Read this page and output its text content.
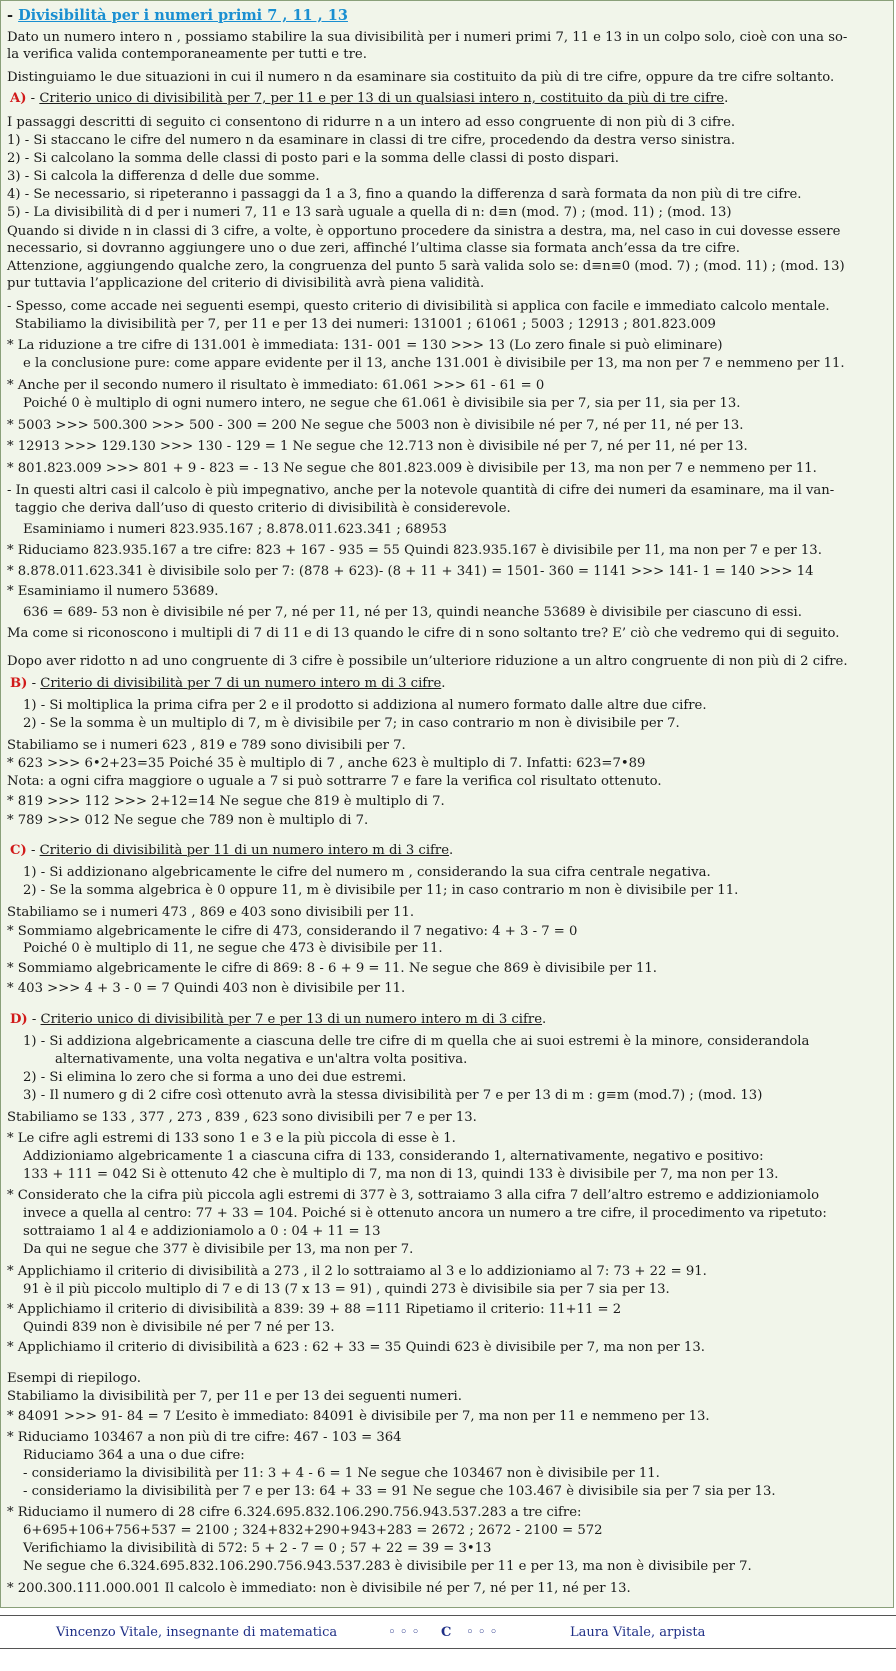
- Divisibilità per i numeri primi 7 , 11 , 13
Dato un numero intero n , possiamo stabilire la sua divisibilità per i numeri primi 7, 11 e 13 in un colpo solo, cioè con una so-
la verifica valida contemporaneamente per tutti e tre.
Distinguiamo le due situazioni in cui il numero n da esaminare sia costituito da più di tre cifre, oppure da tre cifre soltanto.
A) - Criterio unico di divisibilità per 7, per 11 e per 13 di un qualsiasi intero n, costituito da più di tre cifre.
I passaggi descritti di seguito ci consentono di ridurre n a un intero ad esso congruente di non più di 3 cifre.
1) - Si staccano le cifre del numero n da esaminare in classi di tre cifre, procedendo da destra verso sinistra.
2) - Si calcolano la somma delle classi di posto pari e la somma delle classi di posto dispari.
3) - Si calcola la differenza d delle due somme.
4) - Se necessario, si ripeteranno i passaggi da 1 a 3, fino a quando la differenza d sarà formata da non più di tre cifre.
5) - La divisibilità di d per i numeri 7, 11 e 13 sarà uguale a quella di n: d≡n (mod. 7) ; (mod. 11) ; (mod. 13)
Quando si divide n in classi di 3 cifre, a volte, è opportuno procedere da sinistra a destra, ma, nel caso in cui dovesse essere
necessario, si dovranno aggiungere uno o due zeri, affinché l’ultima classe sia formata anch’essa da tre cifre.
Attenzione, aggiungendo qualche zero, la congruenza del punto 5 sarà valida solo se: d≡n≡0 (mod. 7) ; (mod. 11) ; (mod. 13)
pur tuttavia l’applicazione del criterio di divisibilità avrà piena validità.
- Spesso, come accade nei seguenti esempi, questo criterio di divisibilità si applica con facile e immediato calcolo mentale.
Stabiliamo la divisibilità per 7, per 11 e per 13 dei numeri: 131001 ; 61061 ; 5003 ; 12913 ; 801.823.009
* La riduzione a tre cifre di 131.001 è immediata: 131- 001 = 130 >>> 13 (Lo zero finale si può eliminare)
e la conclusione pure: come appare evidente per il 13, anche 131.001 è divisibile per 13, ma non per 7 e nemmeno per 11.
* Anche per il secondo numero il risultato è immediato: 61.061 >>> 61 - 61 = 0
Poiché 0 è multiplo di ogni numero intero, ne segue che 61.061 è divisibile sia per 7, sia per 11, sia per 13.
* 5003 >>> 500.300 >>> 500 - 300 = 200 Ne segue che 5003 non è divisibile né per 7, né per 11, né per 13.
* 12913 >>> 129.130 >>> 130 - 129 = 1 Ne segue che 12.713 non è divisibile né per 7, né per 11, né per 13.
* 801.823.009 >>> 801 + 9 - 823 = - 13 Ne segue che 801.823.009 è divisibile per 13, ma non per 7 e nemmeno per 11.
- In questi altri casi il calcolo è più impegnativo, anche per la notevole quantità di cifre dei numeri da esaminare, ma il van-
taggio che deriva dall’uso di questo criterio di divisibilità è considerevole.
Esaminiamo i numeri 823.935.167 ; 8.878.011.623.341 ; 68953
* Riduciamo 823.935.167 a tre cifre: 823 + 167 - 935 = 55 Quindi 823.935.167 è divisibile per 11, ma non per 7 e per 13.
* 8.878.011.623.341 è divisibile solo per 7: (878 + 623)- (8 + 11 + 341) = 1501- 360 = 1141 >>> 141- 1 = 140 >>> 14
* Esaminiamo il numero 53689.
636 = 689- 53 non è divisibile né per 7, né per 11, né per 13, quindi neanche 53689 è divisibile per ciascuno di essi.
Ma come si riconoscono i multipli di 7 di 11 e di 13 quando le cifre di n sono soltanto tre? E’ ciò che vedremo qui di seguito.
Dopo aver ridotto n ad uno congruente di 3 cifre è possibile un’ulteriore riduzione a un altro congruente di non più di 2 cifre.
B) - Criterio di divisibilità per 7 di un numero intero m di 3 cifre.
1) - Si moltiplica la prima cifra per 2 e il prodotto si addiziona al numero formato dalle altre due cifre.
2) - Se la somma è un multiplo di 7, m è divisibile per 7; in caso contrario m non è divisibile per 7.
Stabiliamo se i numeri 623 , 819 e 789 sono divisibili per 7.
* 623 >>> 6•2+23=35 Poiché 35 è multiplo di 7 , anche 623 è multiplo di 7. Infatti: 623=7•89
Nota: a ogni cifra maggiore o uguale a 7 si può sottrarre 7 e fare la verifica col risultato ottenuto.
* 819 >>> 112 >>> 2+12=14 Ne segue che 819 è multiplo di 7.
* 789 >>> 012 Ne segue che 789 non è multiplo di 7.
C) - Criterio di divisibilità per 11 di un numero intero m di 3 cifre.
1) - Si addizionano algebricamente le cifre del numero m , considerando la sua cifra centrale negativa.
2) - Se la somma algebrica è 0 oppure 11, m è divisibile per 11; in caso contrario m non è divisibile per 11.
Stabiliamo se i numeri 473 , 869 e 403 sono divisibili per 11.
* Sommiamo algebricamente le cifre di 473, considerando il 7 negativo: 4 + 3 - 7 = 0
Poiché 0 è multiplo di 11, ne segue che 473 è divisibile per 11.
* Sommiamo algebricamente le cifre di 869: 8 - 6 + 9 = 11. Ne segue che 869 è divisibile per 11.
* 403 >>> 4 + 3 - 0 = 7 Quindi 403 non è divisibile per 11.
D) - Criterio unico di divisibilità per 7 e per 13 di un numero intero m di 3 cifre.
1) - Si addiziona algebricamente a ciascuna delle tre cifre di m quella che ai suoi estremi è la minore, considerandola
alternativamente, una volta negativa e un'altra volta positiva.
2) - Si elimina lo zero che si forma a uno dei due estremi.
3) - Il numero g di 2 cifre così ottenuto avrà la stessa divisibilità per 7 e per 13 di m : g≡m (mod.7) ; (mod. 13)
Stabiliamo se 133 , 377 , 273 , 839 , 623 sono divisibili per 7 e per 13.
* Le cifre agli estremi di 133 sono 1 e 3 e la più piccola di esse è 1.
Addizioniamo algebricamente 1 a ciascuna cifra di 133, considerando 1, alternativamente, negativo e positivo:
133 + 111 = 042 Si è ottenuto 42 che è multiplo di 7, ma non di 13, quindi 133 è divisibile per 7, ma non per 13.
* Considerato che la cifra più piccola agli estremi di 377 è 3, sottraiamo 3 alla cifra 7 dell’altro estremo e addizioniamolo
invece a quella al centro: 77 + 33 = 104. Poiché si è ottenuto ancora un numero a tre cifre, il procedimento va ripetuto:
sottraiamo 1 al 4 e addizioniamolo a 0 : 04 + 11 = 13
Da qui ne segue che 377 è divisibile per 13, ma non per 7.
* Applichiamo il criterio di divisibilità a 273 , il 2 lo sottraiamo al 3 e lo addizioniamo al 7: 73 + 22 = 91.
91 è il più piccolo multiplo di 7 e di 13 (7 x 13 = 91) , quindi 273 è divisibile sia per 7 sia per 13.
* Applichiamo il criterio di divisibilità a 839: 39 + 88 =111 Ripetiamo il criterio: 11+11 = 2
Quindi 839 non è divisibile né per 7 né per 13.
* Applichiamo il criterio di divisibilità a 623 : 62 + 33 = 35 Quindi 623 è divisibile per 7, ma non per 13.
Esempi di riepilogo.
Stabiliamo la divisibilità per 7, per 11 e per 13 dei seguenti numeri.
* 84091 >>> 91- 84 = 7 L’esito è immediato: 84091 è divisibile per 7, ma non per 11 e nemmeno per 13.
* Riduciamo 103467 a non più di tre cifre: 467 - 103 = 364
Riduciamo 364 a una o due cifre:
- consideriamo la divisibilità per 11: 3 + 4 - 6 = 1 Ne segue che 103467 non è divisibile per 11.
- consideriamo la divisibilità per 7 e per 13: 64 + 33 = 91 Ne segue che 103.467 è divisibile sia per 7 sia per 13.
* Riduciamo il numero di 28 cifre 6.324.695.832.106.290.756.943.537.283 a tre cifre:
6+695+106+756+537 = 2100 ; 324+832+290+943+283 = 2672 ; 2672 - 2100 = 572
Verifichiamo la divisibilità di 572: 5 + 2 - 7 = 0 ; 57 + 22 = 39 = 3•13
Ne segue che 6.324.695.832.106.290.756.943.537.283 è divisibile per 11 e per 13, ma non è divisibile per 7.
* 200.300.111.000.001 Il calcolo è immediato: non è divisibile né per 7, né per 11, né per 13.
Vincenzo Vitale, insegnante di matematica	◦ ◦ ◦ C ◦ ◦ ◦	Laura Vitale, arpista
